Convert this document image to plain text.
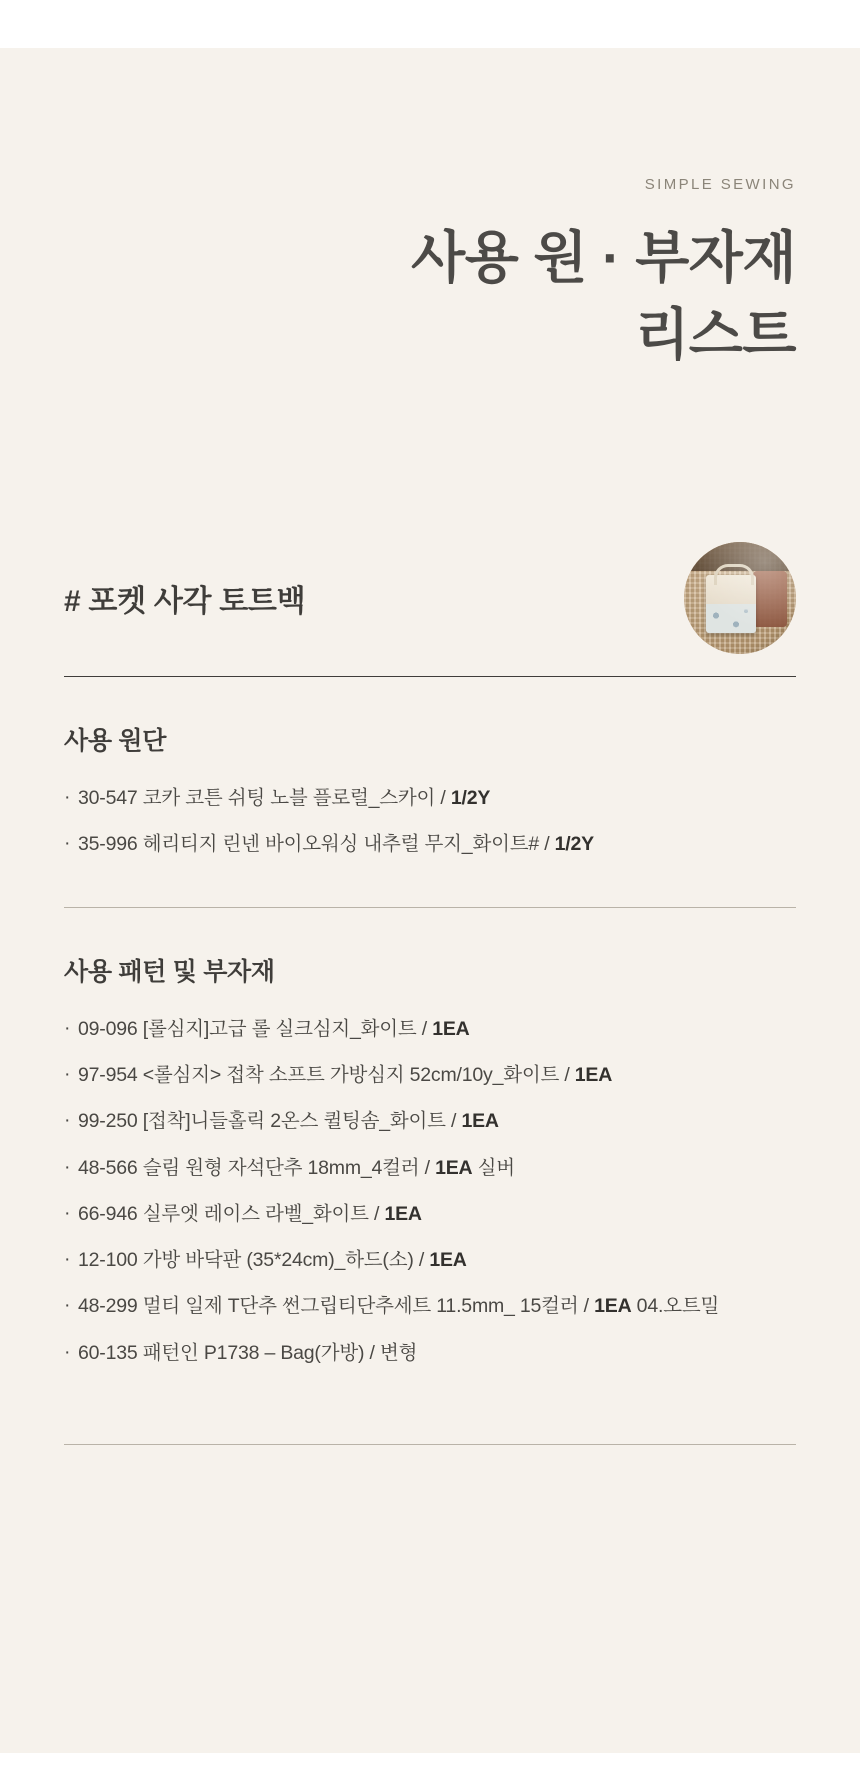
SIMPLE SEWING
사용 원 · 부자재
리스트
# 포켓 사각 토트백
사용 원단
· 30-547 코카 코튼 쉬팅 노블 플로럴_스카이 / 1/2Y
· 35-996 헤리티지 린넨 바이오워싱 내추럴 무지_화이트# / 1/2Y
사용 패턴 및 부자재
· 09-096 [롤심지]고급 롤 실크심지_화이트 / 1EA
· 97-954 <롤심지> 접착 소프트 가방심지 52cm/10y_화이트 / 1EA
· 99-250 [접착]니들홀릭 2온스 퀼팅솜_화이트 / 1EA
· 48-566 슬림 원형 자석단추 18mm_4컬러 / 1EA 실버
· 66-946 실루엣 레이스 라벨_화이트 / 1EA
· 12-100 가방 바닥판 (35*24cm)_하드(소) / 1EA
· 48-299 멀티 일제 T단추 썬그립티단추세트 11.5mm_ 15컬러 / 1EA 04.오트밀
· 60-135 패턴인 P1738 – Bag(가방) / 변형
